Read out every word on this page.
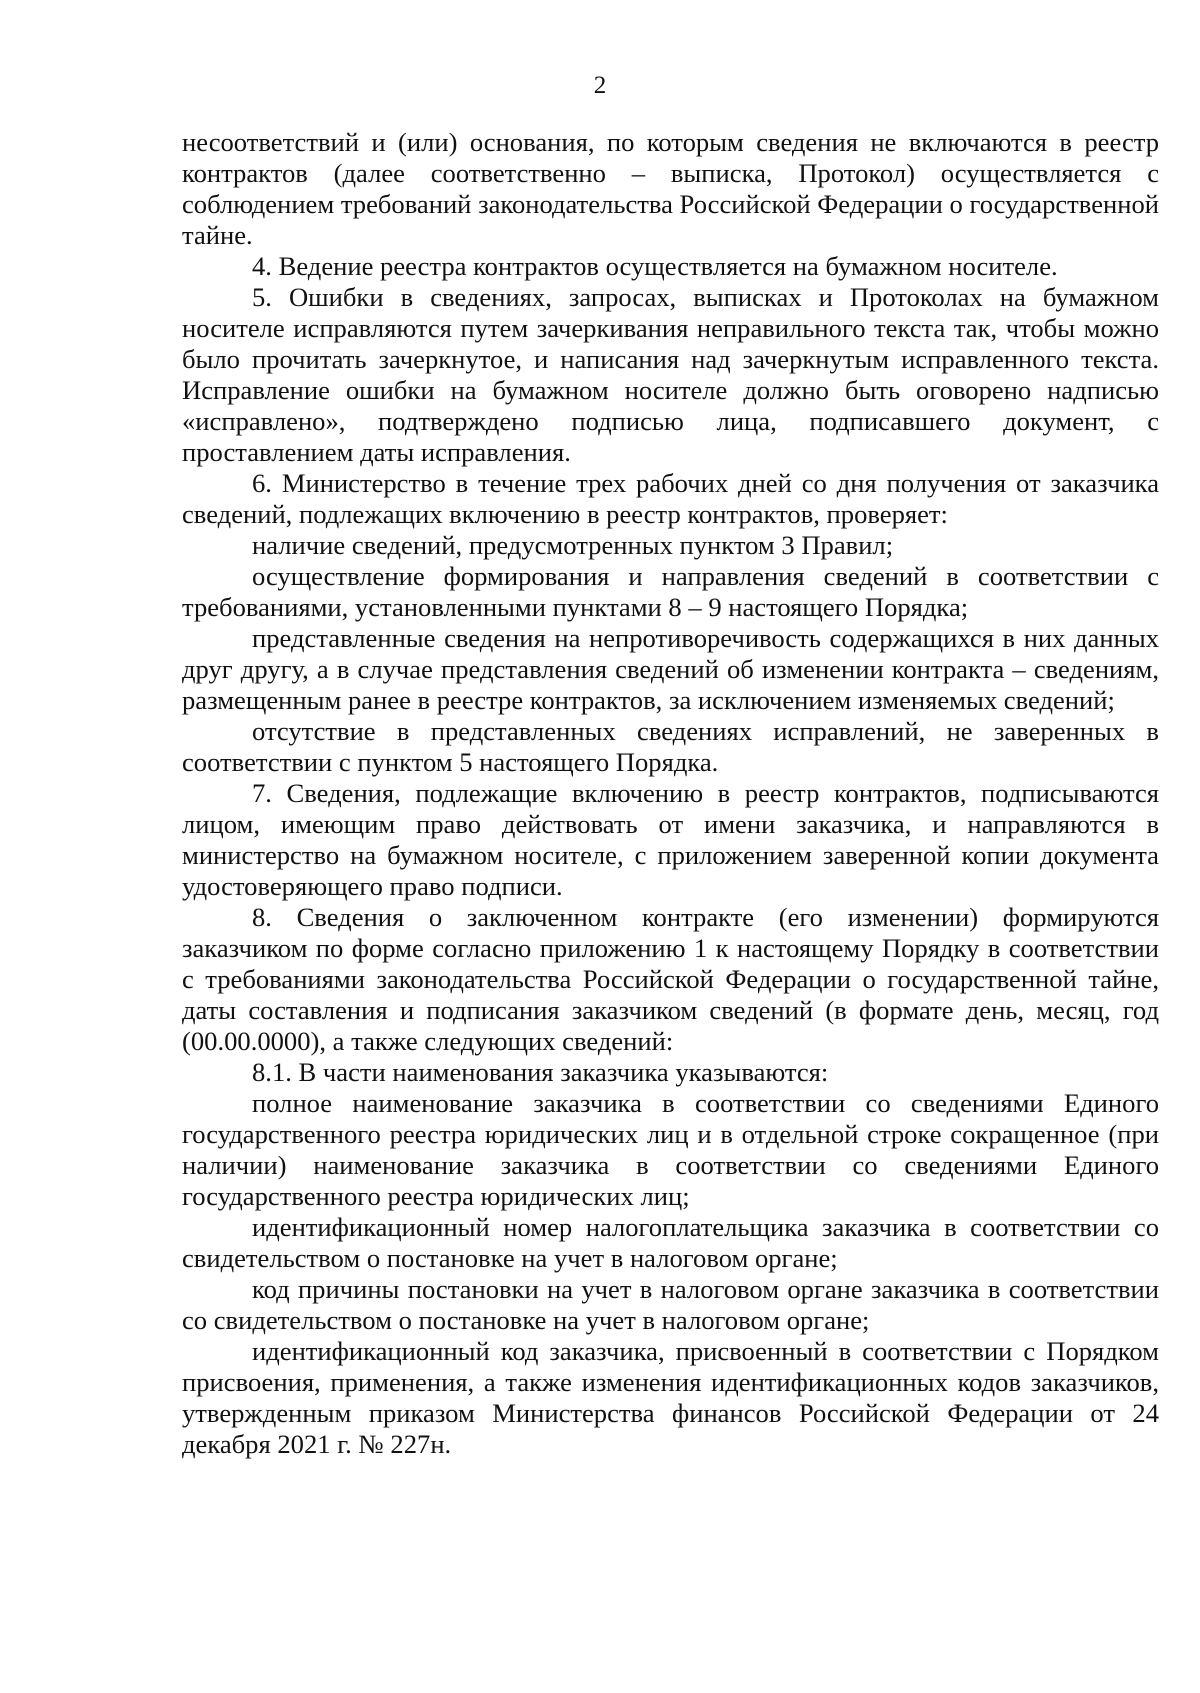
2

несоответствий и (или) основания, по которым сведения не включаются в реестр контрактов (далее соответственно – выписка, Протокол) осуществляется с соблюдением требований законодательства Российской Федерации о государственной тайне.

4. Ведение реестра контрактов осуществляется на бумажном носителе.

5. Ошибки в сведениях, запросах, выписках и Протоколах на бумажном носителе исправляются путем зачеркивания неправильного текста так, чтобы можно было прочитать зачеркнутое, и написания над зачеркнутым исправленного текста. Исправление ошибки на бумажном носителе должно быть оговорено надписью «исправлено», подтверждено подписью лица, подписавшего документ, с проставлением даты исправления.

6. Министерство в течение трех рабочих дней со дня получения от заказчика сведений, подлежащих включению в реестр контрактов, проверяет:

наличие сведений, предусмотренных пунктом 3 Правил;

осуществление формирования и направления сведений в соответствии с требованиями, установленными пунктами 8 – 9 настоящего Порядка;

представленные сведения на непротиворечивость содержащихся в них данных друг другу, а в случае представления сведений об изменении контракта – сведениям, размещенным ранее в реестре контрактов, за исключением изменяемых сведений;

отсутствие в представленных сведениях исправлений, не заверенных в соответствии с пунктом 5 настоящего Порядка.

7. Сведения, подлежащие включению в реестр контрактов, подписываются лицом, имеющим право действовать от имени заказчика, и направляются в министерство на бумажном носителе, с приложением заверенной копии документа удостоверяющего право подписи.

8. Сведения о заключенном контракте (его изменении) формируются заказчиком по форме согласно приложению 1 к настоящему Порядку в соответствии с требованиями законодательства Российской Федерации о государственной тайне, даты составления и подписания заказчиком сведений (в формате день, месяц, год (00.00.0000), а также следующих сведений:

8.1. В части наименования заказчика указываются:

полное наименование заказчика в соответствии со сведениями Единого государственного реестра юридических лиц и в отдельной строке сокращенное (при наличии) наименование заказчика в соответствии со сведениями Единого государственного реестра юридических лиц;

идентификационный номер налогоплательщика заказчика в соответствии со свидетельством о постановке на учет в налоговом органе;

код причины постановки на учет в налоговом органе заказчика в соответствии со свидетельством о постановке на учет в налоговом органе;

идентификационный код заказчика, присвоенный в соответствии с Порядком присвоения, применения, а также изменения идентификационных кодов заказчиков, утвержденным приказом Министерства финансов Российской Федерации от 24 декабря 2021 г. № 227н.
